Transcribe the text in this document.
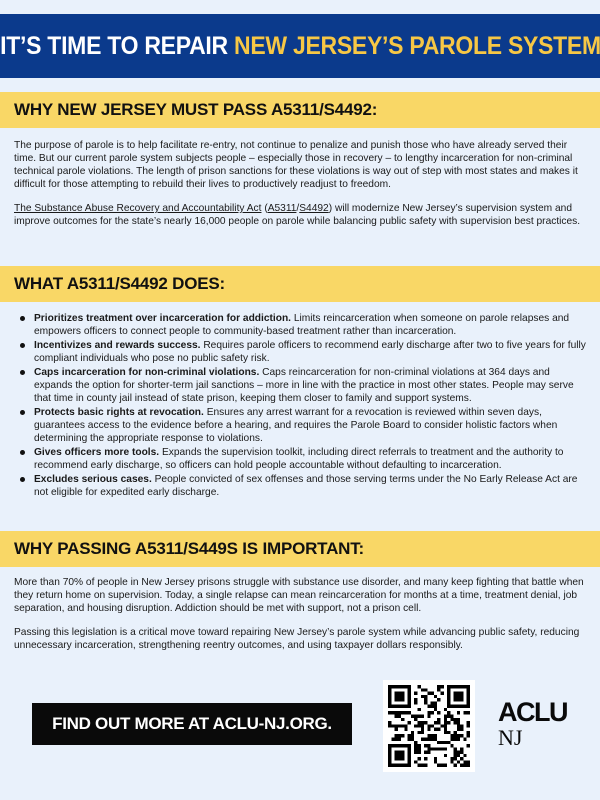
IT’S TIME TO REPAIR NEW JERSEY’S PAROLE SYSTEM
WHY NEW JERSEY MUST PASS A5311/S4492:

The purpose of parole is to help facilitate re-entry, not continue to penalize and punish those who have already served their time. But our current parole system subjects people – especially those in recovery – to lengthy incarceration for non-criminal technical parole violations. The length of prison sanctions for these violations is way out of step with most states and makes it difficult for those attempting to rebuild their lives to productively readjust to freedom.

The Substance Abuse Recovery and Accountability Act (A5311/S4492) will modernize New Jersey’s supervision system and improve outcomes for the state’s nearly 16,000 people on parole while balancing public safety with supervision best practices.

WHAT A5311/S4492 DOES:
Prioritizes treatment over incarceration for addiction. Limits reincarceration when someone on parole relapses and empowers officers to connect people to community-based treatment rather than incarceration.
Incentivizes and rewards success. Requires parole officers to recommend early discharge after two to five years for fully compliant individuals who pose no public safety risk.
Caps incarceration for non-criminal violations. Caps reincarceration for non-criminal violations at 364 days and expands the option for shorter-term jail sanctions – more in line with the practice in most other states. People may serve that time in county jail instead of state prison, keeping them closer to family and support systems.
Protects basic rights at revocation. Ensures any arrest warrant for a revocation is reviewed within seven days, guarantees access to the evidence before a hearing, and requires the Parole Board to consider holistic factors when determining the appropriate response to violations.
Gives officers more tools. Expands the supervision toolkit, including direct referrals to treatment and the authority to recommend early discharge, so officers can hold people accountable without defaulting to incarceration.
Excludes serious cases. People convicted of sex offenses and those serving terms under the No Early Release Act are not eligible for expedited early discharge.
WHY PASSING A5311/S449S IS IMPORTANT:

More than 70% of people in New Jersey prisons struggle with substance use disorder, and many keep fighting that battle when they return home on supervision. Today, a single relapse can mean reincarceration for months at a time, treatment denial, job separation, and housing disruption. Addiction should be met with support, not a prison cell.

Passing this legislation is a critical move toward repairing New Jersey’s parole system while advancing public safety, reducing unnecessary incarceration, strengthening reentry outcomes, and using taxpayer dollars responsibly.

FIND OUT MORE AT ACLU-NJ.ORG.	ACLU
NJ
